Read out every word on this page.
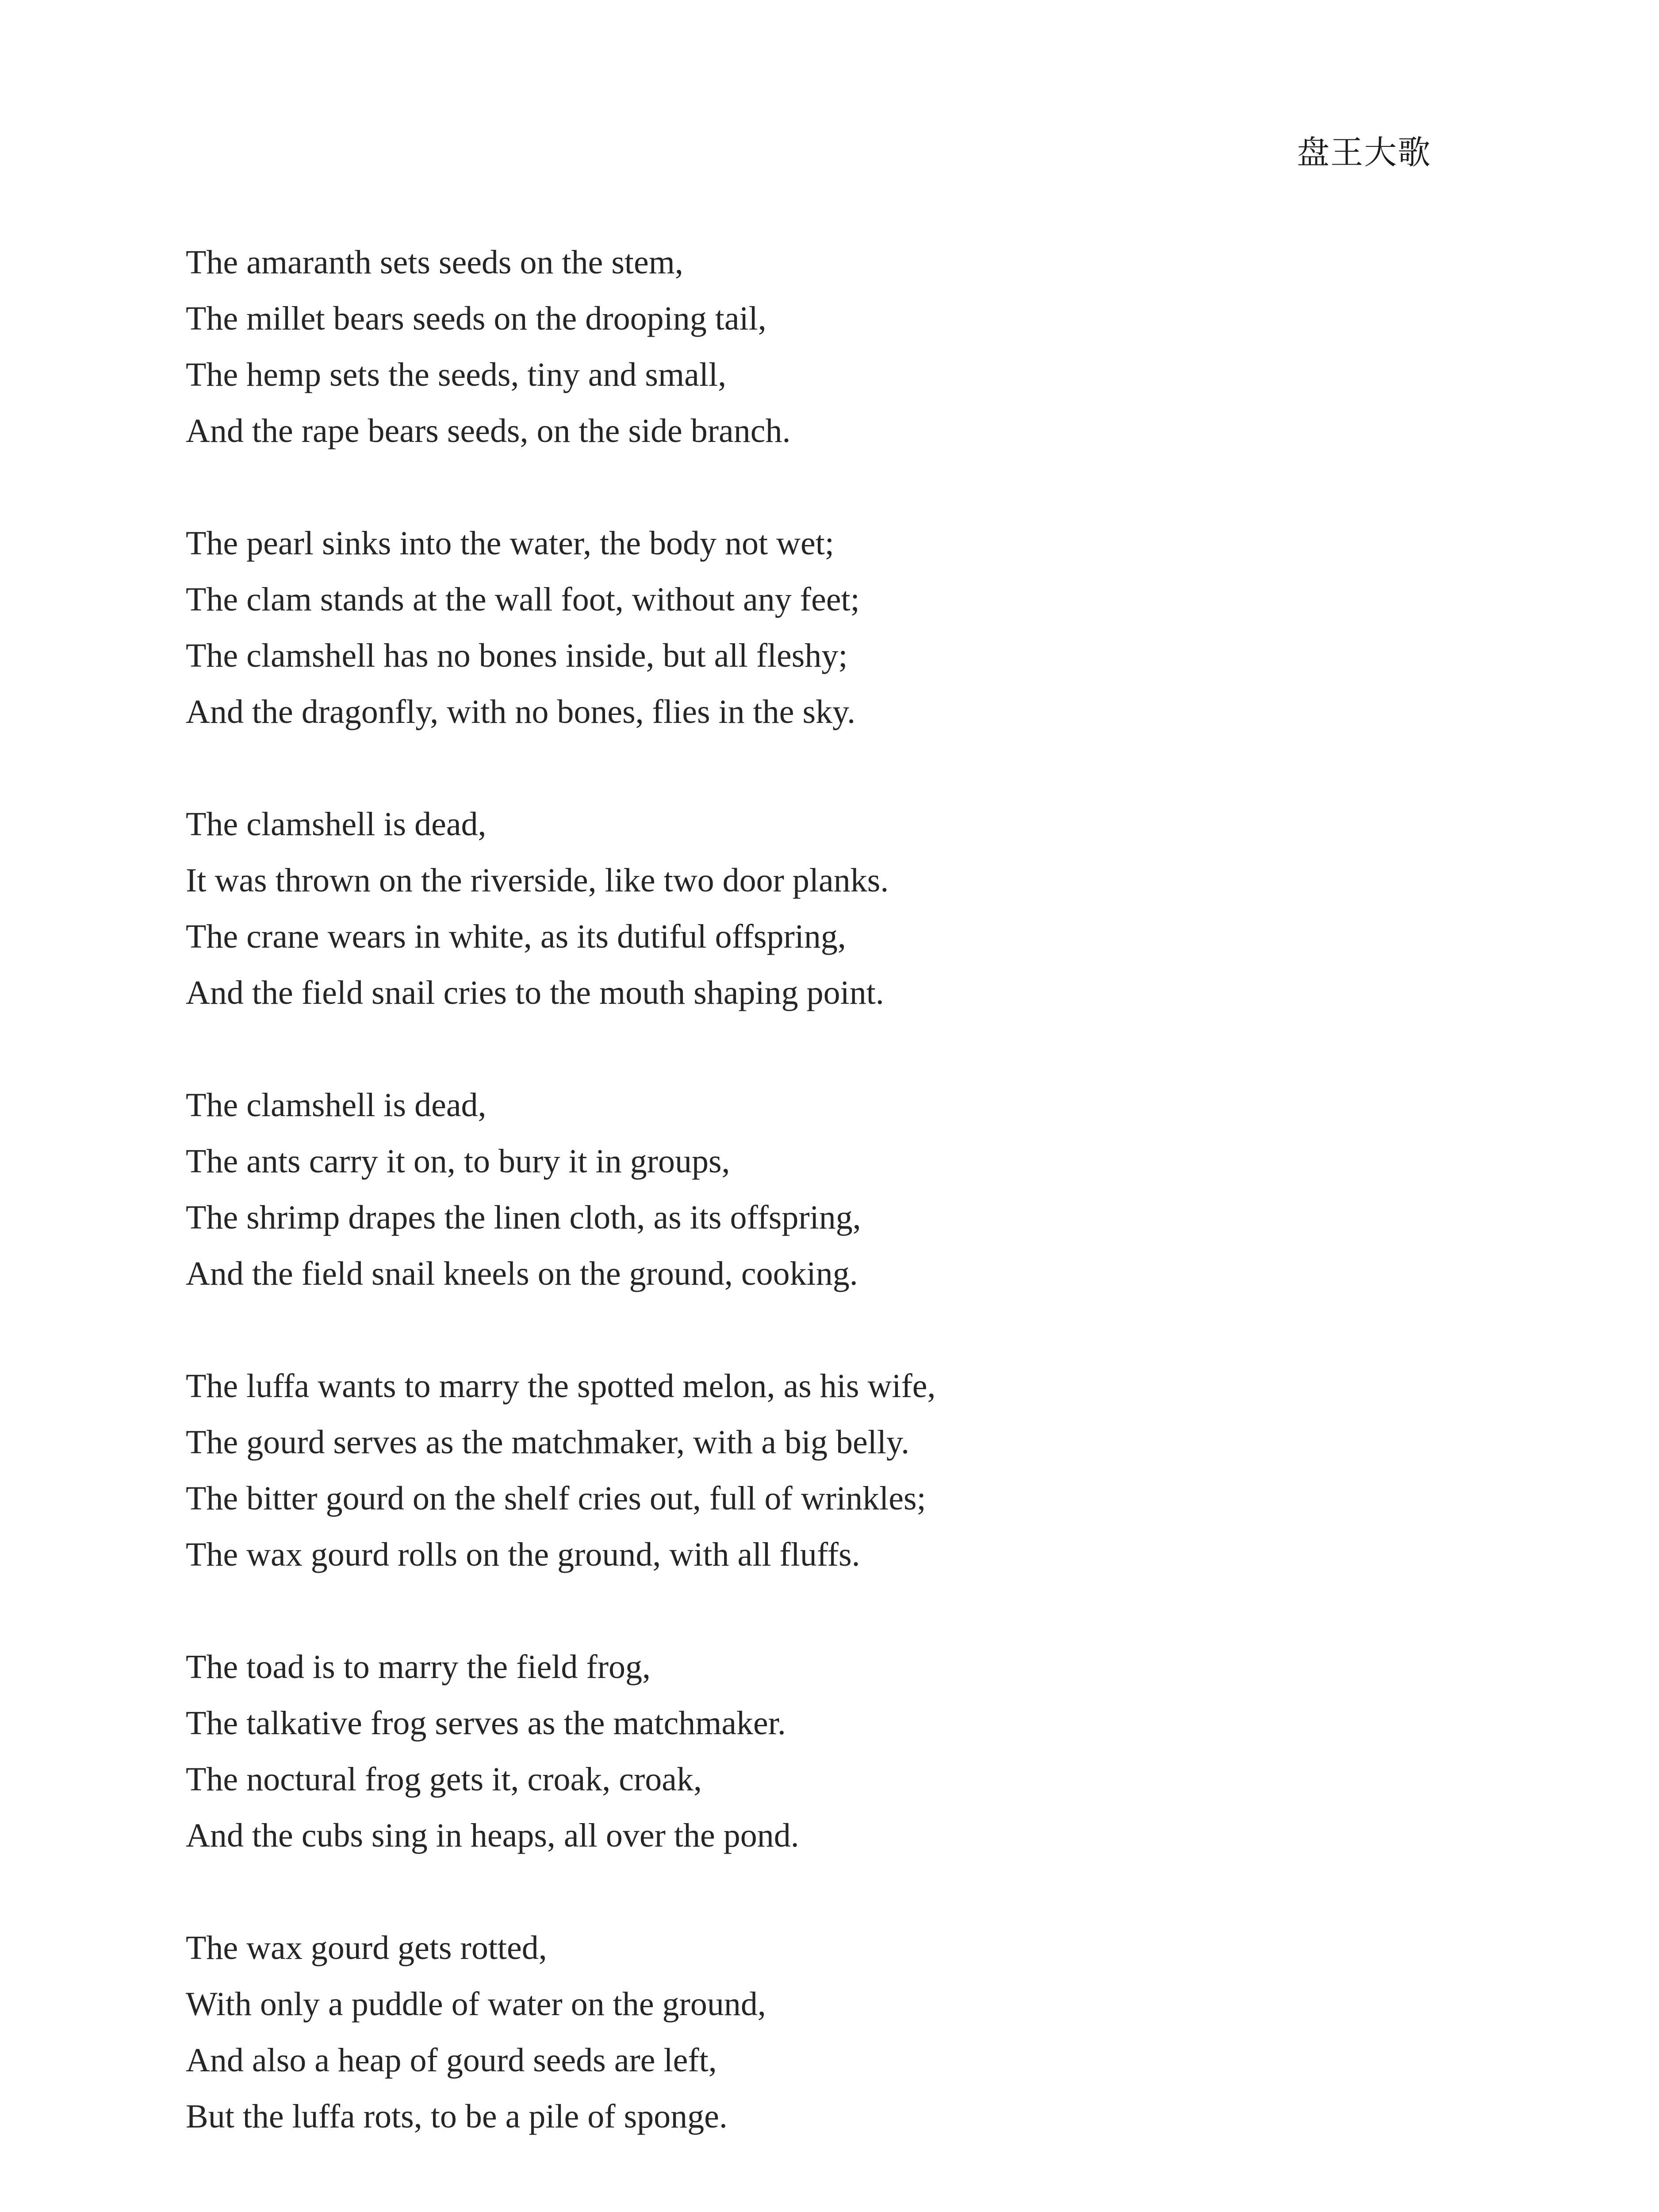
盘王大歌
The amaranth sets seeds on the stem,
The millet bears seeds on the drooping tail,
The hemp sets the seeds, tiny and small,
And the rape bears seeds, on the side branch.
The pearl sinks into the water, the body not wet;
The clam stands at the wall foot, without any feet;
The clamshell has no bones inside, but all fleshy;
And the dragonfly, with no bones, flies in the sky.
The clamshell is dead,
It was thrown on the riverside, like two door planks.
The crane wears in white, as its dutiful offspring,
And the field snail cries to the mouth shaping point.
The clamshell is dead,
The ants carry it on, to bury it in groups,
The shrimp drapes the linen cloth, as its offspring,
And the field snail kneels on the ground, cooking.
The luffa wants to marry the spotted melon, as his wife,
The gourd serves as the matchmaker, with a big belly.
The bitter gourd on the shelf cries out, full of wrinkles;
The wax gourd rolls on the ground, with all fluffs.
The toad is to marry the field frog,
The talkative frog serves as the matchmaker.
The noctural frog gets it, croak, croak,
And the cubs sing in heaps, all over the pond.
The wax gourd gets rotted,
With only a puddle of water on the ground,
And also a heap of gourd seeds are left,
But the luffa rots, to be a pile of sponge.
